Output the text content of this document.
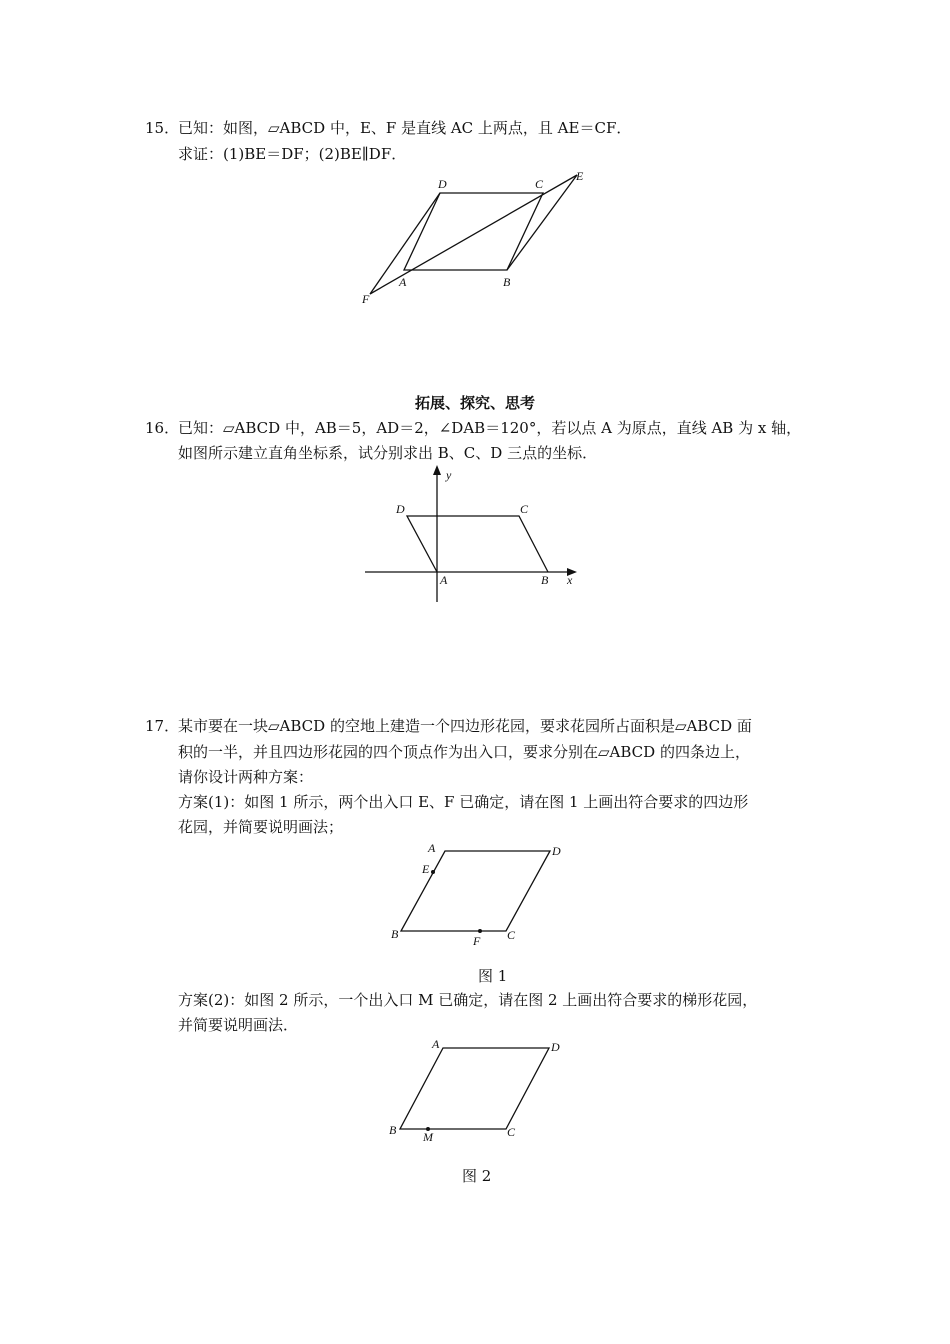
15．
已知：如图，▱ABCD 中，E、F 是直线 AC 上两点，且 AE＝CF．
求证：(1)BE＝DF；(2)BE∥DF．
拓展、探究、思考
16．
已知：▱ABCD 中，AB＝5，AD＝2，∠DAB＝120°，若以点 A 为原点，直线 AB 为 x 轴，
如图所示建立直角坐标系，试分别求出 B、C、D 三点的坐标．
17．
某市要在一块▱ABCD 的空地上建造一个四边形花园，要求花园所占面积是▱ABCD 面
积的一半，并且四边形花园的四个顶点作为出入口，要求分别在▱ABCD 的四条边上，
请你设计两种方案：
方案(1)：如图 1 所示，两个出入口 E、F 已确定，请在图 1 上画出符合要求的四边形
花园，并简要说明画法；
图 1
方案(2)：如图 2 所示，一个出入口 M 已确定，请在图 2 上画出符合要求的梯形花园，
并简要说明画法．
图 2
D	C
E
A	B
F
y
D	C
A	B x
A	D
E
B	F C
A	D
B M	C
